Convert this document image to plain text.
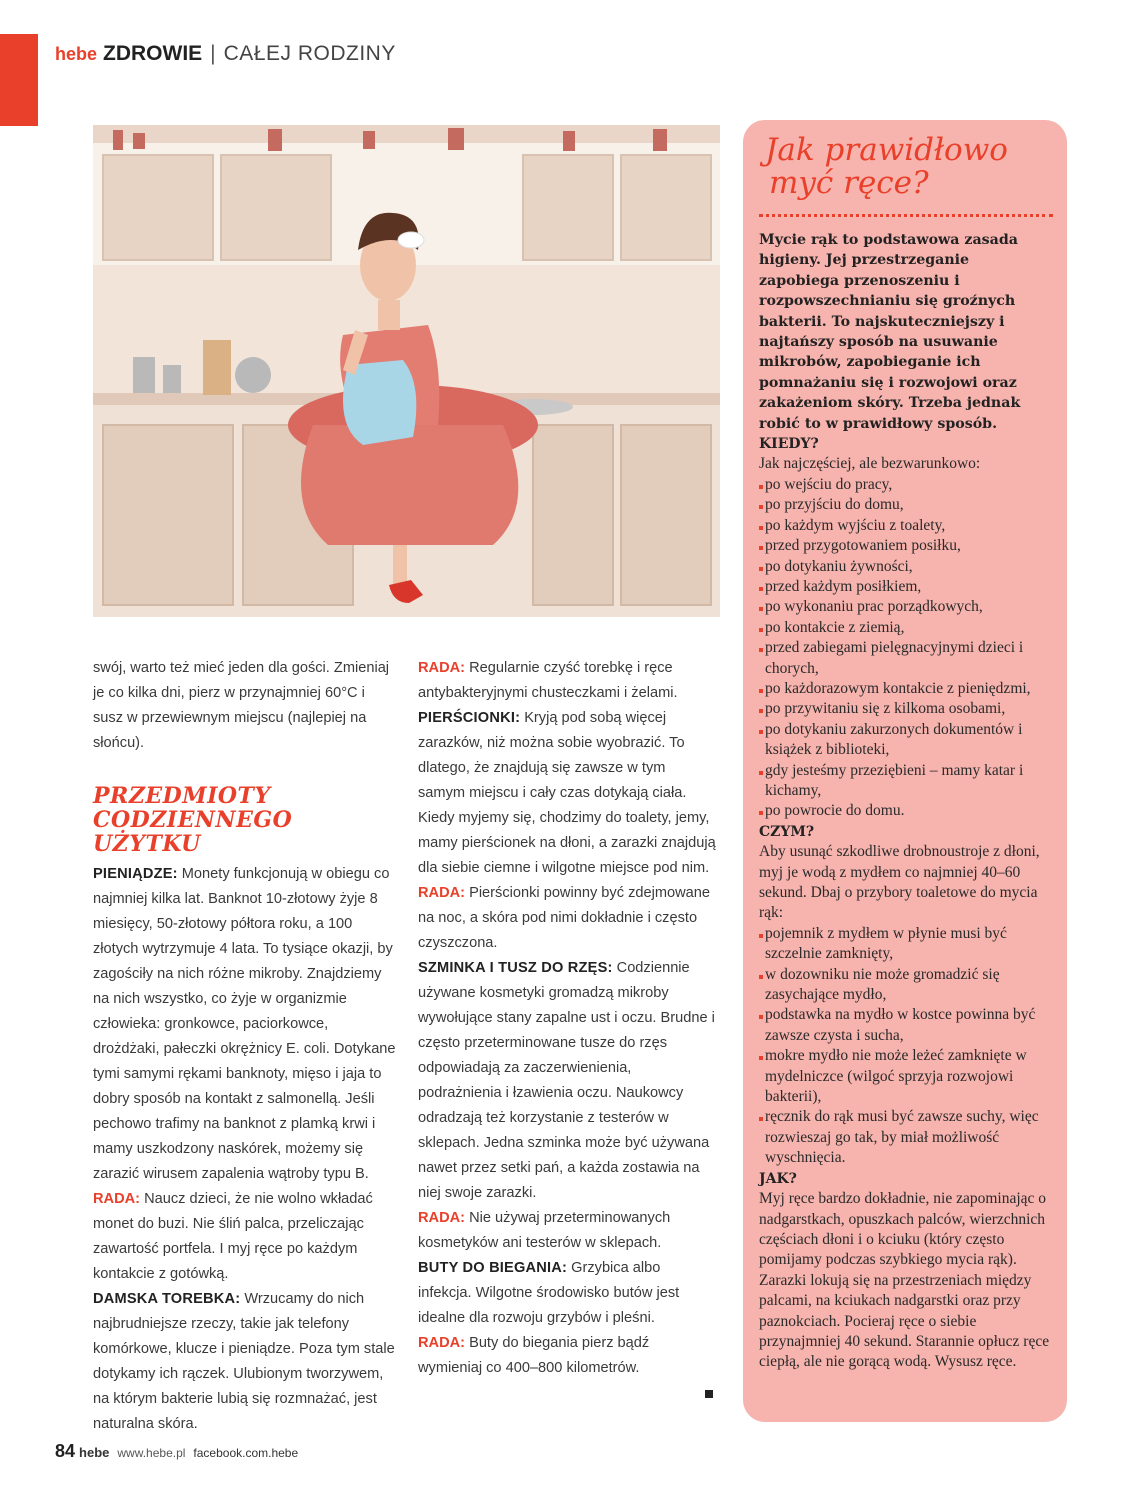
hebe ZDROWIE | CAŁEJ RODZINY

swój, warto też mieć jeden dla gości. Zmieniaj je co kilka dni, pierz w przynajmniej 60°C i susz w przewiewnym miejscu (najlepiej na słońcu).

PRZEDMIOTY
CODZIENNEGO UŻYTKU

PIENIĄDZE: Monety funkcjonują w obiegu co najmniej kilka lat. Banknot 10-złotowy żyje 8 miesięcy, 50-złotowy półtora roku, a 100 złotych wytrzymuje 4 lata. To tysiące okazji, by zagościły na nich różne mikroby. Znajdziemy na nich wszystko, co żyje w organizmie człowieka: gronkowce, paciorkowce, drożdżaki, pałeczki okrężnicy E. coli. Dotykane tymi samymi rękami banknoty, mięso i jaja to dobry sposób na kontakt z salmonellą. Jeśli pechowo trafimy na banknot z plamką krwi i mamy uszkodzony naskórek, możemy się zarazić wirusem zapalenia wątroby typu B.

RADA: Naucz dzieci, że nie wolno wkładać monet do buzi. Nie śliń palca, przeliczając zawartość portfela. I myj ręce po każdym kontakcie z gotówką.

DAMSKA TOREBKA: Wrzucamy do nich najbrudniejsze rzeczy, takie jak telefony komórkowe, klucze i pieniądze. Poza tym stale dotykamy ich rączek. Ulubionym tworzywem, na którym bakterie lubią się rozmnażać, jest naturalna skóra.

RADA: Regularnie czyść torebkę i ręce antybakteryjnymi chusteczkami i żelami.

PIERŚCIONKI: Kryją pod sobą więcej zarazków, niż można sobie wyobrazić. To dlatego, że znajdują się zawsze w tym samym miejscu i cały czas dotykają ciała. Kiedy myjemy się, chodzimy do toalety, jemy, mamy pierścionek na dłoni, a zarazki znajdują dla siebie ciemne i wilgotne miejsce pod nim.

RADA: Pierścionki powinny być zdejmowane na noc, a skóra pod nimi dokładnie i często czyszczona.

SZMINKA I TUSZ DO RZĘS: Codziennie używane kosmetyki gromadzą mikroby wywołujące stany zapalne ust i oczu. Brudne i często przeterminowane tusze do rzęs odpowiadają za zaczerwienienia, podrażnienia i łzawienia oczu. Naukowcy odradzają też korzystanie z testerów w sklepach. Jedna szminka może być używana nawet przez setki pań, a każda zostawia na niej swoje zarazki.

RADA: Nie używaj przeterminowanych kosmetyków ani testerów w sklepach.

BUTY DO BIEGANIA: Grzybica albo infekcja. Wilgotne środowisko butów jest idealne dla rozwoju grzybów i pleśni.

RADA: Buty do biegania pierz bądź wymieniaj co 400–800 kilometrów.

Jak prawidłowo
myć ręce?

Mycie rąk to podstawowa zasada higieny. Jej przestrzeganie zapobiega przenoszeniu i rozpowszechnianiu się groźnych bakterii. To najskuteczniejszy i najtańszy sposób na usuwanie mikrobów, zapobieganie ich pomnażaniu się i rozwojowi oraz zakażeniom skóry. Trzeba jednak robić to w prawidłowy sposób.

KIEDY?

Jak najczęściej, ale bezwarunkowo:

po wejściu do pracy,
po przyjściu do domu,
po każdym wyjściu z toalety,
przed przygotowaniem posiłku,
po dotykaniu żywności,
przed każdym posiłkiem,
po wykonaniu prac porządkowych,
po kontakcie z ziemią,
przed zabiegami pielęgnacyjnymi dzieci i chorych,
po każdorazowym kontakcie z pieniędzmi,
po przywitaniu się z kilkoma osobami,
po dotykaniu zakurzonych dokumentów i książek z biblioteki,
gdy jesteśmy przeziębieni – mamy katar i kichamy,
po powrocie do domu.

CZYM?

Aby usunąć szkodliwe drobnoustroje z dłoni, myj je wodą z mydłem co najmniej 40–60 sekund. Dbaj o przybory toaletowe do mycia rąk:

pojemnik z mydłem w płynie musi być szczelnie zamknięty,
w dozowniku nie może gromadzić się zasychające mydło,
podstawka na mydło w kostce powinna być zawsze czysta i sucha,
mokre mydło nie może leżeć zamknięte w mydelniczce (wilgoć sprzyja rozwojowi bakterii),
ręcznik do rąk musi być zawsze suchy, więc rozwieszaj go tak, by miał możliwość wyschnięcia.

JAK?

Myj ręce bardzo dokładnie, nie zapominając o nadgarstkach, opuszkach palców, wierzchnich częściach dłoni i o kciuku (który często pomijamy podczas szybkiego mycia rąk). Zarazki lokują się na przestrzeniach między palcami, na kciukach nadgarstki oraz przy paznokciach. Pocieraj ręce o siebie przynajmniej 40 sekund. Starannie opłucz ręce ciepłą, ale nie gorącą wodą. Wysusz ręce.

84 hebe www.hebe.pl facebook.com.hebe
